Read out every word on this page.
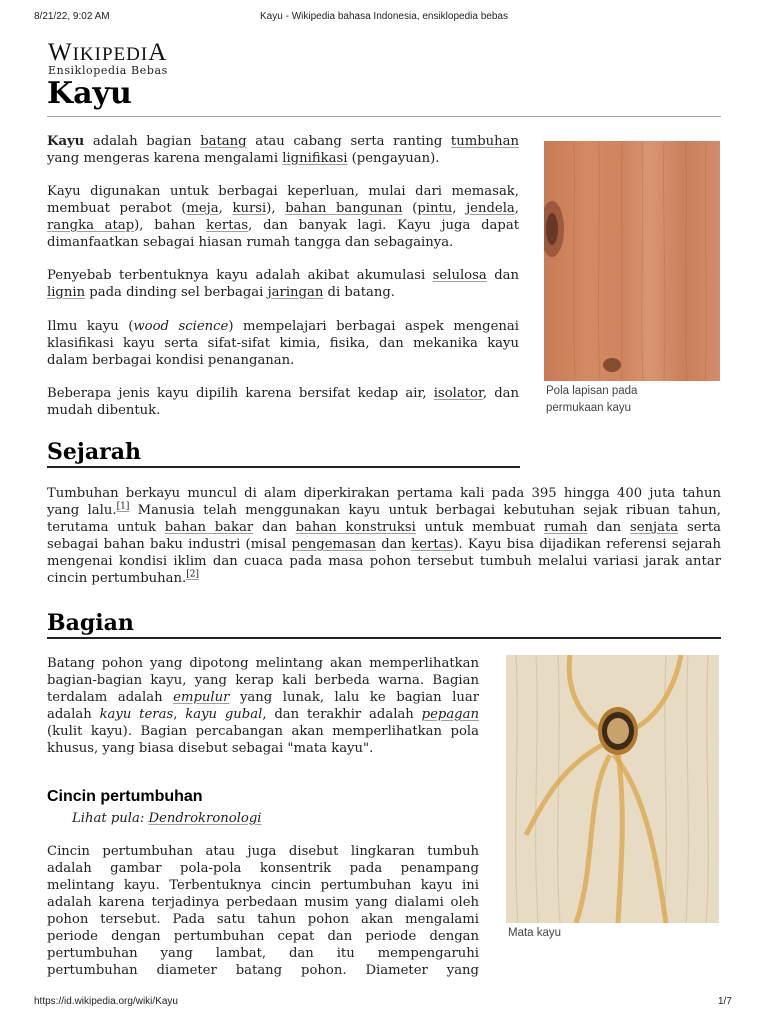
8/21/22, 9:02 AM	Kayu - Wikipedia bahasa Indonesia, ensiklopedia bebas
WIKIPEDIA
Ensiklopedia Bebas
Kayu
Kayu adalah bagian batang atau cabang serta ranting tumbuhan
yang mengeras karena mengalami lignifikasi (pengayuan).
Kayu digunakan untuk berbagai keperluan, mulai dari memasak,
membuat perabot (meja, kursi), bahan bangunan (pintu, jendela,
rangka atap), bahan kertas, dan banyak lagi. Kayu juga dapat
dimanfaatkan sebagai hiasan rumah tangga dan sebagainya.
Penyebab terbentuknya kayu adalah akibat akumulasi selulosa dan
lignin pada dinding sel berbagai jaringan di batang.
Ilmu kayu (wood science) mempelajari berbagai aspek mengenai
klasifikasi kayu serta sifat-sifat kimia, fisika, dan mekanika kayu
dalam berbagai kondisi penanganan.
Beberapa jenis kayu dipilih karena bersifat kedap air, isolator, dan
mudah dibentuk.
Pola lapisan pada
permukaan kayu
Sejarah
Tumbuhan berkayu muncul di alam diperkirakan pertama kali pada 395 hingga 400 juta tahun
yang lalu.[1] Manusia telah menggunakan kayu untuk berbagai kebutuhan sejak ribuan tahun,
terutama untuk bahan bakar dan bahan konstruksi untuk membuat rumah dan senjata serta
sebagai bahan baku industri (misal pengemasan dan kertas). Kayu bisa dijadikan referensi sejarah
mengenai kondisi iklim dan cuaca pada masa pohon tersebut tumbuh melalui variasi jarak antar
cincin pertumbuhan.[2]
Bagian
Batang pohon yang dipotong melintang akan memperlihatkan
bagian-bagian kayu, yang kerap kali berbeda warna. Bagian
terdalam adalah empulur yang lunak, lalu ke bagian luar
adalah kayu teras, kayu gubal, dan terakhir adalah pepagan
(kulit kayu). Bagian percabangan akan memperlihatkan pola
khusus, yang biasa disebut sebagai "mata kayu".
Mata kayu
Cincin pertumbuhan
Lihat pula: Dendrokronologi
Cincin pertumbuhan atau juga disebut lingkaran tumbuh
adalah gambar pola-pola konsentrik pada penampang
melintang kayu. Terbentuknya cincin pertumbuhan kayu ini
adalah karena terjadinya perbedaan musim yang dialami oleh
pohon tersebut. Pada satu tahun pohon akan mengalami
periode dengan pertumbuhan cepat dan periode dengan
pertumbuhan yang lambat, dan itu mempengaruhi
pertumbuhan diameter batang pohon. Diameter yang
https://id.wikipedia.org/wiki/Kayu	1/7
